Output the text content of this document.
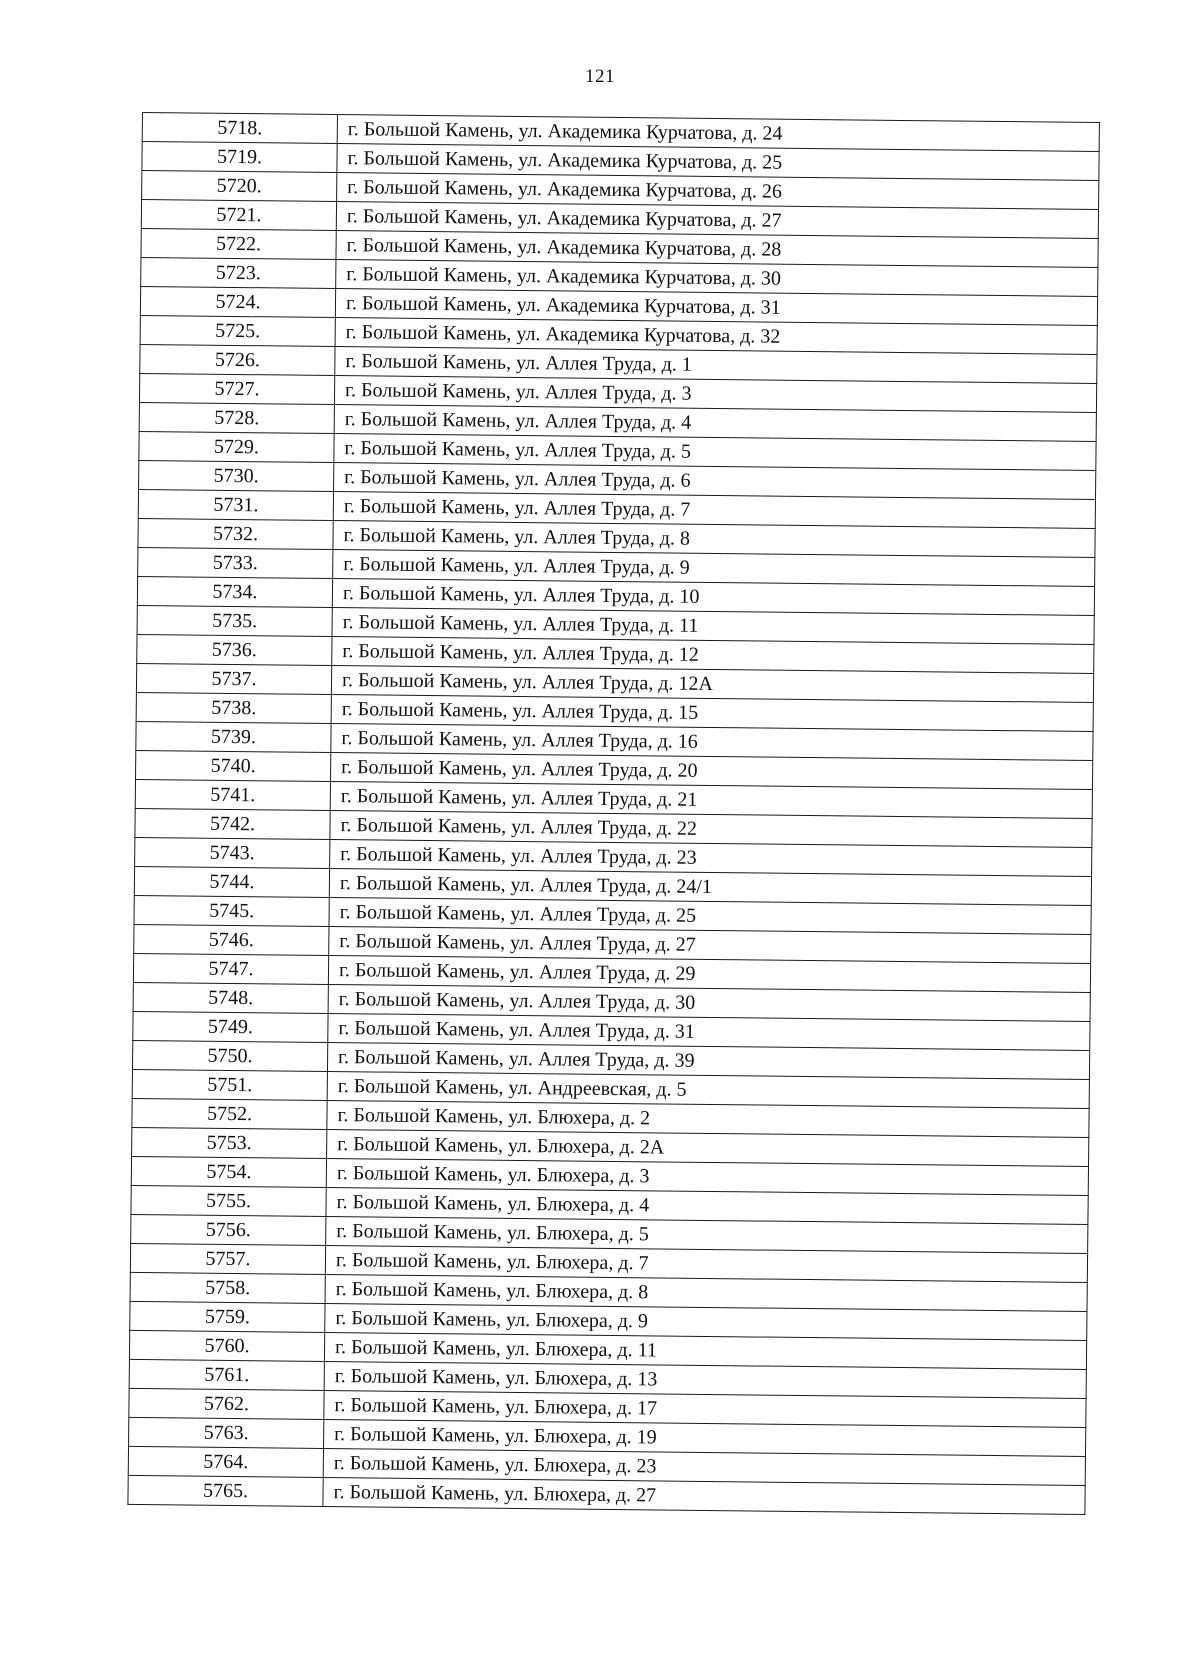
121
5718.	г. Большой Камень, ул. Академика Курчатова, д. 24
5719.	г. Большой Камень, ул. Академика Курчатова, д. 25
5720.	г. Большой Камень, ул. Академика Курчатова, д. 26
5721.	г. Большой Камень, ул. Академика Курчатова, д. 27
5722.	г. Большой Камень, ул. Академика Курчатова, д. 28
5723.	г. Большой Камень, ул. Академика Курчатова, д. 30
5724.	г. Большой Камень, ул. Академика Курчатова, д. 31
5725.	г. Большой Камень, ул. Академика Курчатова, д. 32
5726.	г. Большой Камень, ул. Аллея Труда, д. 1
5727.	г. Большой Камень, ул. Аллея Труда, д. 3
5728.	г. Большой Камень, ул. Аллея Труда, д. 4
5729.	г. Большой Камень, ул. Аллея Труда, д. 5
5730.	г. Большой Камень, ул. Аллея Труда, д. 6
5731.	г. Большой Камень, ул. Аллея Труда, д. 7
5732.	г. Большой Камень, ул. Аллея Труда, д. 8
5733.	г. Большой Камень, ул. Аллея Труда, д. 9
5734.	г. Большой Камень, ул. Аллея Труда, д. 10
5735.	г. Большой Камень, ул. Аллея Труда, д. 11
5736.	г. Большой Камень, ул. Аллея Труда, д. 12
5737.	г. Большой Камень, ул. Аллея Труда, д. 12А
5738.	г. Большой Камень, ул. Аллея Труда, д. 15
5739.	г. Большой Камень, ул. Аллея Труда, д. 16
5740.	г. Большой Камень, ул. Аллея Труда, д. 20
5741.	г. Большой Камень, ул. Аллея Труда, д. 21
5742.	г. Большой Камень, ул. Аллея Труда, д. 22
5743.	г. Большой Камень, ул. Аллея Труда, д. 23
5744.	г. Большой Камень, ул. Аллея Труда, д. 24/1
5745.	г. Большой Камень, ул. Аллея Труда, д. 25
5746.	г. Большой Камень, ул. Аллея Труда, д. 27
5747.	г. Большой Камень, ул. Аллея Труда, д. 29
5748.	г. Большой Камень, ул. Аллея Труда, д. 30
5749.	г. Большой Камень, ул. Аллея Труда, д. 31
5750.	г. Большой Камень, ул. Аллея Труда, д. 39
5751.	г. Большой Камень, ул. Андреевская, д. 5
5752.	г. Большой Камень, ул. Блюхера, д. 2
5753.	г. Большой Камень, ул. Блюхера, д. 2А
5754.	г. Большой Камень, ул. Блюхера, д. 3
5755.	г. Большой Камень, ул. Блюхера, д. 4
5756.	г. Большой Камень, ул. Блюхера, д. 5
5757.	г. Большой Камень, ул. Блюхера, д. 7
5758.	г. Большой Камень, ул. Блюхера, д. 8
5759.	г. Большой Камень, ул. Блюхера, д. 9
5760.	г. Большой Камень, ул. Блюхера, д. 11
5761.	г. Большой Камень, ул. Блюхера, д. 13
5762.	г. Большой Камень, ул. Блюхера, д. 17
5763.	г. Большой Камень, ул. Блюхера, д. 19
5764.	г. Большой Камень, ул. Блюхера, д. 23
5765.	г. Большой Камень, ул. Блюхера, д. 27
